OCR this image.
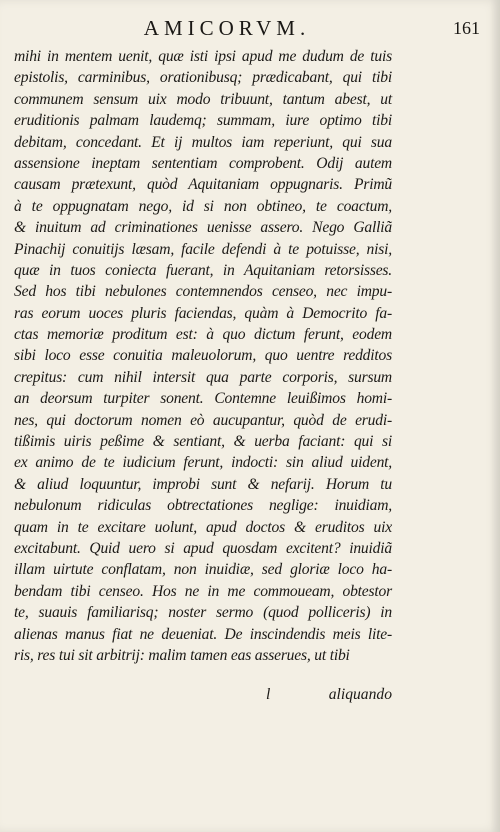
AMICORVM.	161
mihi in mentem uenit, quæ isti ipsi apud me dudum de tuis
epistolis, carminibus, orationibusq; prædicabant, qui tibi
communem sensum uix modo tribuunt, tantum abest, ut
eruditionis palmam laudemq; summam, iure optimo tibi
debitam, concedant. Et ij multos iam reperiunt, qui sua
assensione ineptam sententiam comprobent. Odij autem
causam prætexunt, quòd Aquitaniam oppugnaris. Primũ
à te oppugnatam nego, id si non obtineo, te coactum,
& inuitum ad criminationes uenisse assero. Nego Galliã
Pinachij conuitijs læsam, facile defendi à te potuisse, nisi,
quæ in tuos coniecta fuerant, in Aquitaniam retorsisses.
Sed hos tibi nebulones contemnendos censeo, nec impu-
ras eorum uoces pluris faciendas, quàm à Democrito fa-
ctas memoriæ proditum est: à quo dictum ferunt, eodem
sibi loco esse conuitia maleuolorum, quo uentre redditos
crepitus: cum nihil intersit qua parte corporis, sursum
an deorsum turpiter sonent. Contemne leuißimos homi-
nes, qui doctorum nomen eò aucupantur, quòd de erudi-
tißimis uiris peßime & sentiant, & uerba faciant: qui si
ex animo de te iudicium ferunt, indocti: sin aliud uident,
& aliud loquuntur, improbi sunt & nefarij. Horum tu
nebulonum ridiculas obtrectationes neglige: inuidiam,
quam in te excitare uolunt, apud doctos & eruditos uix
excitabunt. Quid uero si apud quosdam excitent? inuidiã
illam uirtute conflatam, non inuidiæ, sed gloriæ loco ha-
bendam tibi censeo. Hos ne in me commoueam, obtestor
te, suauis familiarisq; noster sermo (quod polliceris) in
alienas manus fiat ne deueniat. De inscindendis meis lite-
ris, res tui sit arbitrij: malim tamen eas asserues, ut tibi
l	aliquando
